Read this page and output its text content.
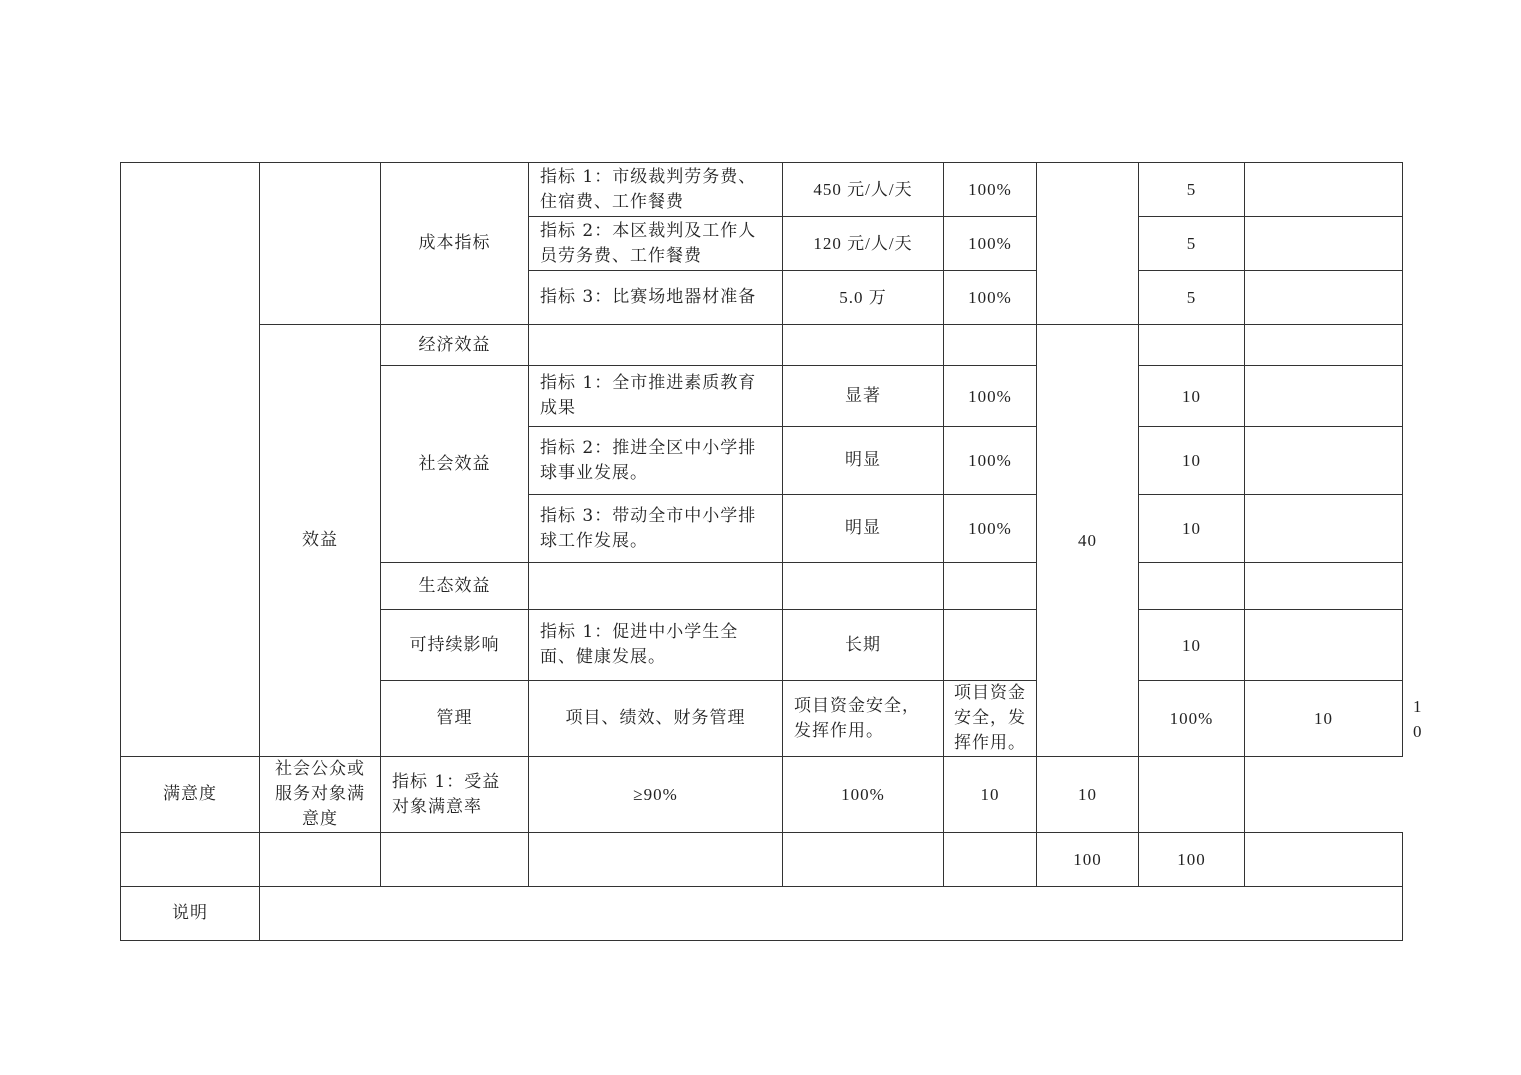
		成本指标	指标 1：市级裁判劳务费、住宿费、工作餐费	450 元/人/天	100%		5		
			指标 2：本区裁判及工作人员劳务费、工作餐费	120 元/人/天	100%		5		
			指标 3：比赛场地器材准备	5.0 万	100%		5		
	效益	经济效益				40			
		社会效益	指标 1：全市推进素质教育成果	显著	100%		10		
			指标 2：推进全区中小学排球事业发展。	明显	100%		10		
			指标 3：带动全市中小学排球工作发展。	明显	100%		10		
		生态效益							
		可持续影响	指标 1：促进中小学生全面、健康发展。	长期			10		
		管理	项目、绩效、财务管理	项目资金安全，发挥作用。	项目资金安全，发挥作用。		100%	10	10	
满意度	社会公众或服务对象满意度	指标 1：受益对象满意率	≥90%	100%	10	10			
						100	100		
说明									
